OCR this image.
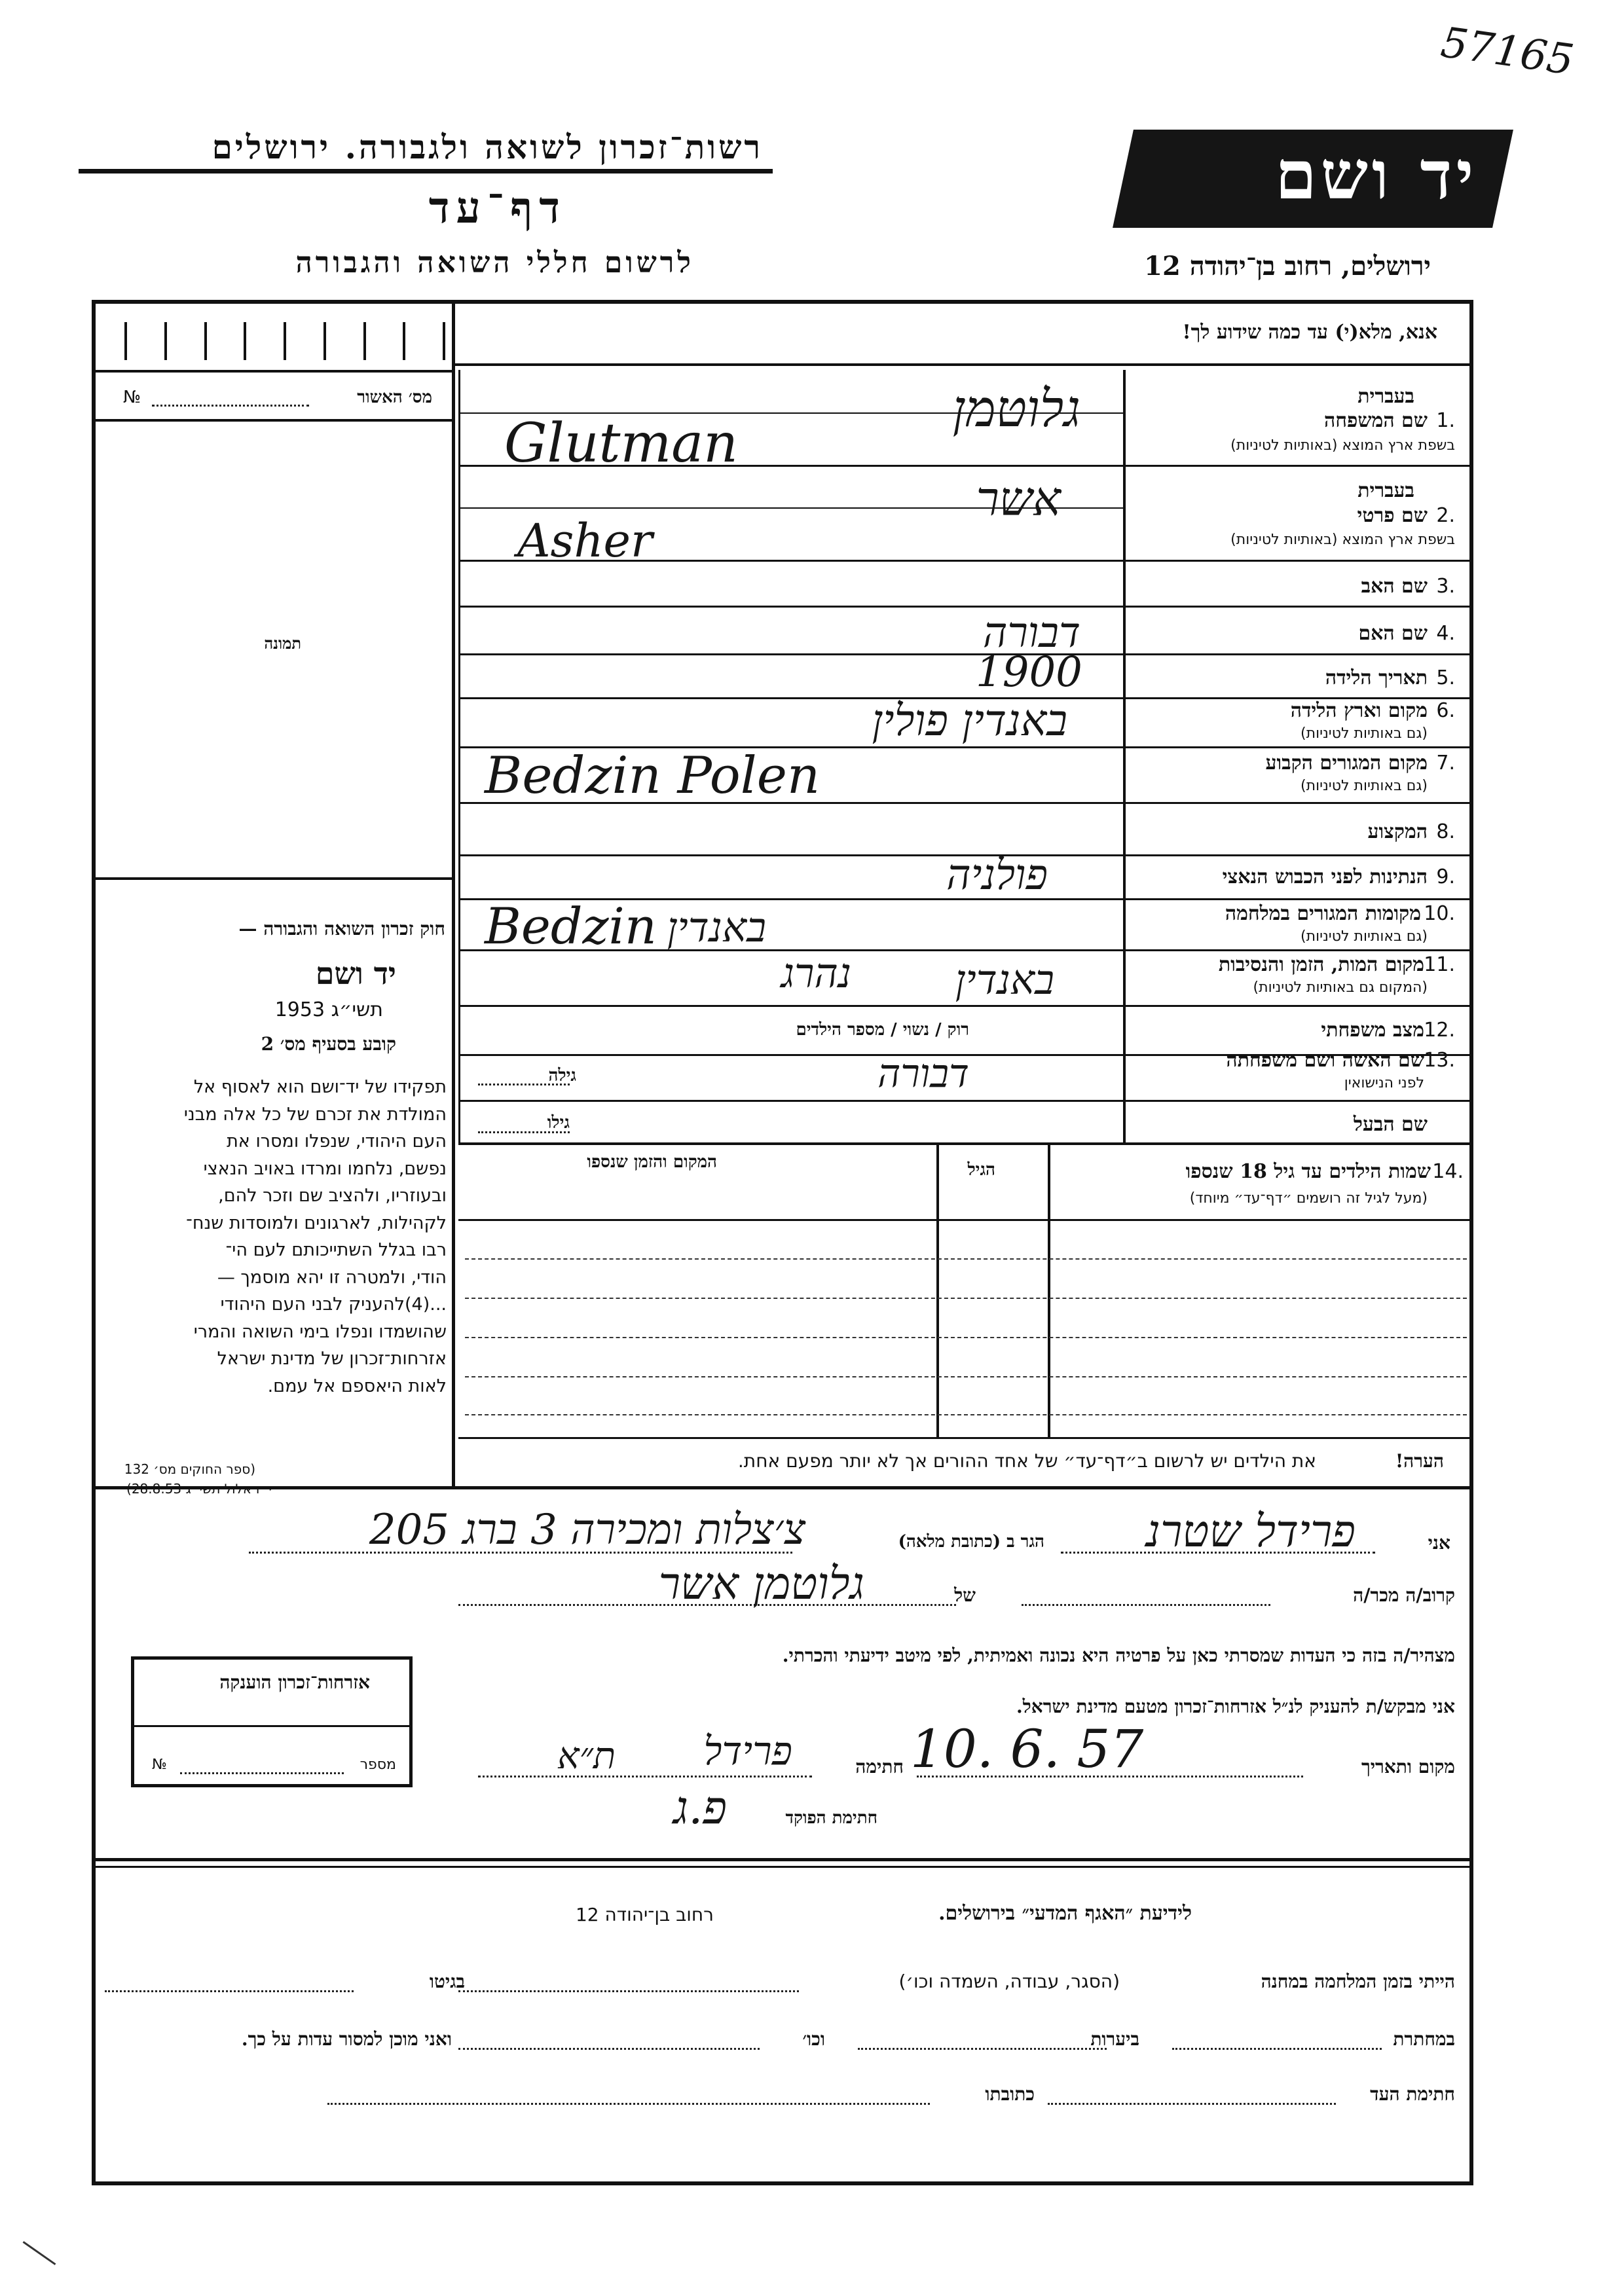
57165
רשות־זכרון לשואה ולגבורה. ירושלים
דף־עד
לרשום חללי השואה והגבורה
יד ושם
ירושלים, רחוב בן־יהודה 12
אנא, מלא(י) עד כמה שידוע לך!
מס׳ האשור
№
תמונה
חוק זכרון השואה והגבורה —
יד ושם
תשי״ג 1953
קובע בסעיף מס׳ 2
תפקידו של יד־ושם הוא לאסוף אל
המולדת את זכרם של כל אלה מבני
העם היהודי, שנפלו ומסרו את
נפשם, נלחמו ומרדו באויב הנאצי
ובעוזריו, ולהציב שם וזכר להם,
לקהילות, לארגונים ולמוסדות שנח־
רבו בגלל השתייכותם לעם הי־
הודי, ולמטרה זו יהא מוסמך —
...(4)להעניק לבני העם היהודי
שהושמדו ונפלו בימי השואה והמרי
אזרחות־זכרון של מדינת ישראל
לאות היאספם אל עמם.
(ספר החוקים מס׳ 132
בעברית
1.
שם המשפחה
בשפת ארץ המוצא (באותיות לטיניות)
בעברית
2.
שם פרטי
בשפת ארץ המוצא (באותיות לטיניות)
3.
שם האב
4.
שם האם
5.
תאריך הלידה
6.
מקום וארץ הלידה
(גם באותיות לטיניות)
7.
מקום המגורים הקבוע
(גם באותיות לטיניות)
8.
המקצוע
9.
הנתינות לפני הכבוש הנאצי
10.
מקומות המגורים במלחמה
(גם באותיות לטיניות)
11.
מקום המות, הזמן והנסיבות
(המקום גם באותיות לטיניות)
12.
מצב משפחתי
רוק / נשוי / מספר הילדים
13.
שם האשה ושם משפחתה
לפני הנישואין
גילה
שם הבעל
גילו
גלוטמן
Glutman
אשר
Asher
דבורה
1900
באנדין פולין
Bedzin Polen
פולניה
Bedzin באנדין
באנדין
נהרג
דבורה
14.
שמות הילדים עד גיל 18 שנספו
(מעל לגיל זה רושמים ״דף־עד״ מיוחד)
הגיל
המקום והזמן שנספו
הערה!
את הילדים יש לרשום ב״דף־עד״ של אחד ההורים אך לא יותר מפעם אחת.
אני
פרידל שטרנ
הגר ב (כתובת מלאה)
צ׳צלות ומכירה 3 ברג 205
קרוב/ה מכר/ה
של
גלוטמן אשר
מצהיר/ה בזה כי העדות שמסרתי כאן על פרטיה היא נכונה ואמיתית, לפי מיטב ידיעתי והכרתי.
אני מבקש/ת להעניק לנ״ל אזרחות־זכרון מטעם מדינת ישראל.
מקום ותאריך
10. 6. 57
חתימה
ת״א פרידל
חתימת הפוקד
פ.ג
אזרחות־זכרון הוענקה
מספר
№
לידיעת ״האגף המדעי״ בירושלים.
רחוב בן־יהודה 12
הייתי בזמן המלחמה במחנה
(הסגר, עבודה, השמדה וכו׳)
בגיטו
במחתרת
ביערות
וכו׳
ואני מוכן למסור עדות על כך.
חתימת העד
כתובתו
